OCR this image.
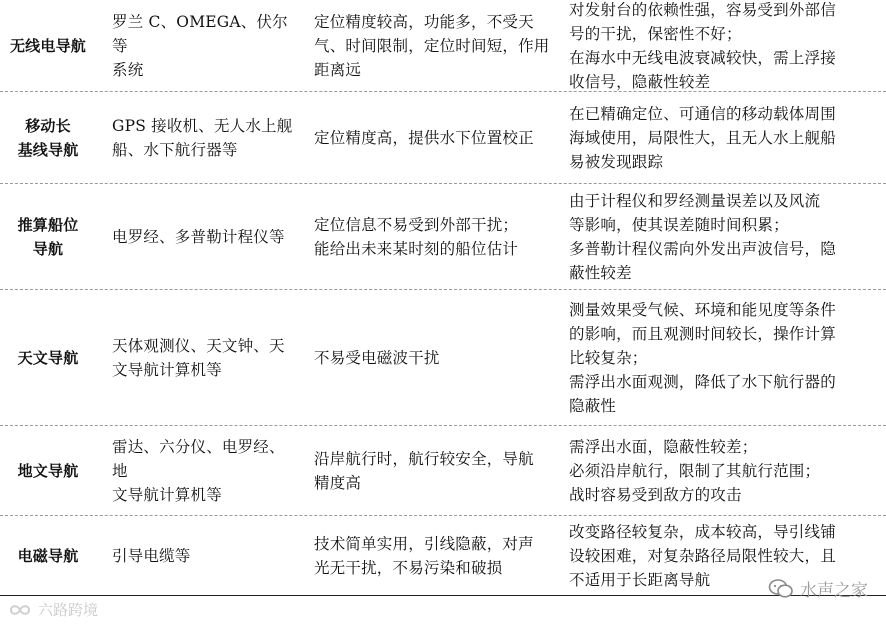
无线电导航
罗兰 C、OMEGA、伏尔等
系统
定位精度较高，功能多，不受天
气、时间限制，定位时间短，作用
距离远
对发射台的依赖性强，容易受到外部信
号的干扰，保密性不好；
在海水中无线电波衰减较快，需上浮接
收信号，隐蔽性较差
移动长
基线导航
GPS 接收机、无人水上舰
船、水下航行器等
定位精度高，提供水下位置校正
在已精确定位、可通信的移动载体周围
海域使用，局限性大，且无人水上舰船
易被发现跟踪
推算船位
导航
电罗经、多普勒计程仪等
定位信息不易受到外部干扰；
能给出未来某时刻的船位估计
由于计程仪和罗经测量误差以及风流
等影响，使其误差随时间积累；
多普勒计程仪需向外发出声波信号，隐
蔽性较差
天文导航
天体观测仪、天文钟、天
文导航计算机等
不易受电磁波干扰
测量效果受气候、环境和能见度等条件
的影响，而且观测时间较长，操作计算
比较复杂；
需浮出水面观测，降低了水下航行器的
隐蔽性
地文导航
雷达、六分仪、电罗经、地
文导航计算机等
沿岸航行时，航行较安全，导航
精度高
需浮出水面，隐蔽性较差；
必须沿岸航行，限制了其航行范围；
战时容易受到敌方的攻击
电磁导航 引导电缆等
技术简单实用，引线隐蔽，对声
光无干扰，不易污染和破损
改变路径较复杂，成本较高，导引线铺
设较困难，对复杂路径局限性较大，且
不适用于长距离导航
六路跨境
水声之家
